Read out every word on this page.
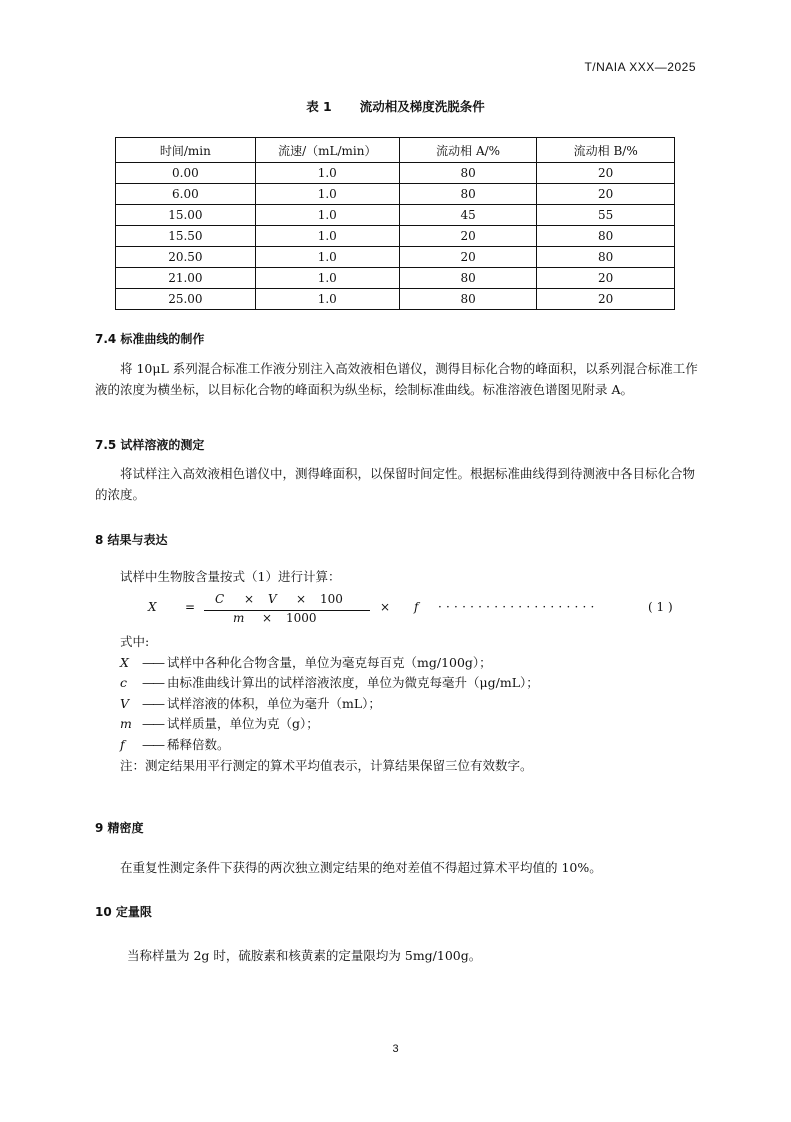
T/NAIA XXX—2025
表 1 流动相及梯度洗脱条件
时间/min	流速/（mL/min）	流动相 A/%	流动相 B/%
0.00	1.0	80	20
6.00	1.0	80	20
15.00	1.0	45	55
15.50	1.0	20	80
20.50	1.0	20	80
21.00	1.0	80	20
25.00	1.0	80	20
7.4 标准曲线的制作
将 10μL 系列混合标准工作液分别注入高效液相色谱仪，测得目标化合物的峰面积，以系列混合标准工作液的浓度为横坐标，以目标化合物的峰面积为纵坐标，绘制标准曲线。标准溶液色谱图见附录 A。
7.5 试样溶液的测定
将试样注入高效液相色谱仪中，测得峰面积，以保留时间定性。根据标准曲线得到待测液中各目标化合物的浓度。
8 结果与表达
试样中生物胺含量按式（1）进行计算：
X =
C × V × 100
m × 1000
× f · · · · · · · · · · · · · · · · · · · ·	( 1 )
式中:
X —— 试样中各种化合物含量，单位为毫克每百克（mg/100g）；
c —— 由标准曲线计算出的试样溶液浓度，单位为微克每毫升（μg/mL）；
V —— 试样溶液的体积，单位为毫升（mL）；
m —— 试样质量，单位为克（g）；
f —— 稀释倍数。
注：测定结果用平行测定的算术平均值表示，计算结果保留三位有效数字。
9 精密度
在重复性测定条件下获得的两次独立测定结果的绝对差值不得超过算术平均值的 10%。
10 定量限
当称样量为 2g 时，硫胺素和核黄素的定量限均为 5mg/100g。
3
